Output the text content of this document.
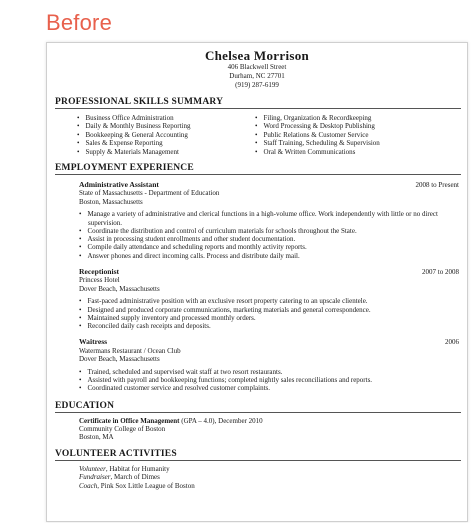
Before
Chelsea Morrison
406 Blackwell Street
Durham, NC 27701
(919) 287-6199
PROFESSIONAL SKILLS SUMMARY
• Business Office Administration
• Daily & Monthly Business Reporting
• Bookkeeping & General Accounting
• Sales & Expense Reporting
• Supply & Materials Management
• Filing, Organization & Recordkeeping
• Word Processing & Desktop Publishing
• Public Relations & Customer Service
• Staff Training, Scheduling & Supervision
• Oral & Written Communications
EMPLOYMENT EXPERIENCE
Administrative Assistant	2008 to Present
State of Massachusetts - Department of Education
Boston, Massachusetts
• Manage a variety of administrative and clerical functions in a high-volume office. Work independently with little or no direct supervision.
• Coordinate the distribution and control of curriculum materials for schools throughout the State.
• Assist in processing student enrollments and other student documentation.
• Compile daily attendance and scheduling reports and monthly activity reports.
• Answer phones and direct incoming calls. Process and distribute daily mail.
Receptionist	2007 to 2008
Princess Hotel
Dover Beach, Massachusetts
• Fast-paced administrative position with an exclusive resort property catering to an upscale clientele.
• Designed and produced corporate communications, marketing materials and general correspondence.
• Maintained supply inventory and processed monthly orders.
• Reconciled daily cash receipts and deposits.
Waitress	2006
Watermans Restaurant / Ocean Club
Dover Beach, Massachusetts
• Trained, scheduled and supervised wait staff at two resort restaurants.
• Assisted with payroll and bookkeeping functions; completed nightly sales reconciliations and reports.
• Coordinated customer service and resolved customer complaints.
EDUCATION
Certificate in Office Management (GPA – 4.0), December 2010
Community College of Boston
Boston, MA
VOLUNTEER ACTIVITIES
Volunteer, Habitat for Humanity
Fundraiser, March of Dimes
Coach, Pink Sox Little League of Boston
